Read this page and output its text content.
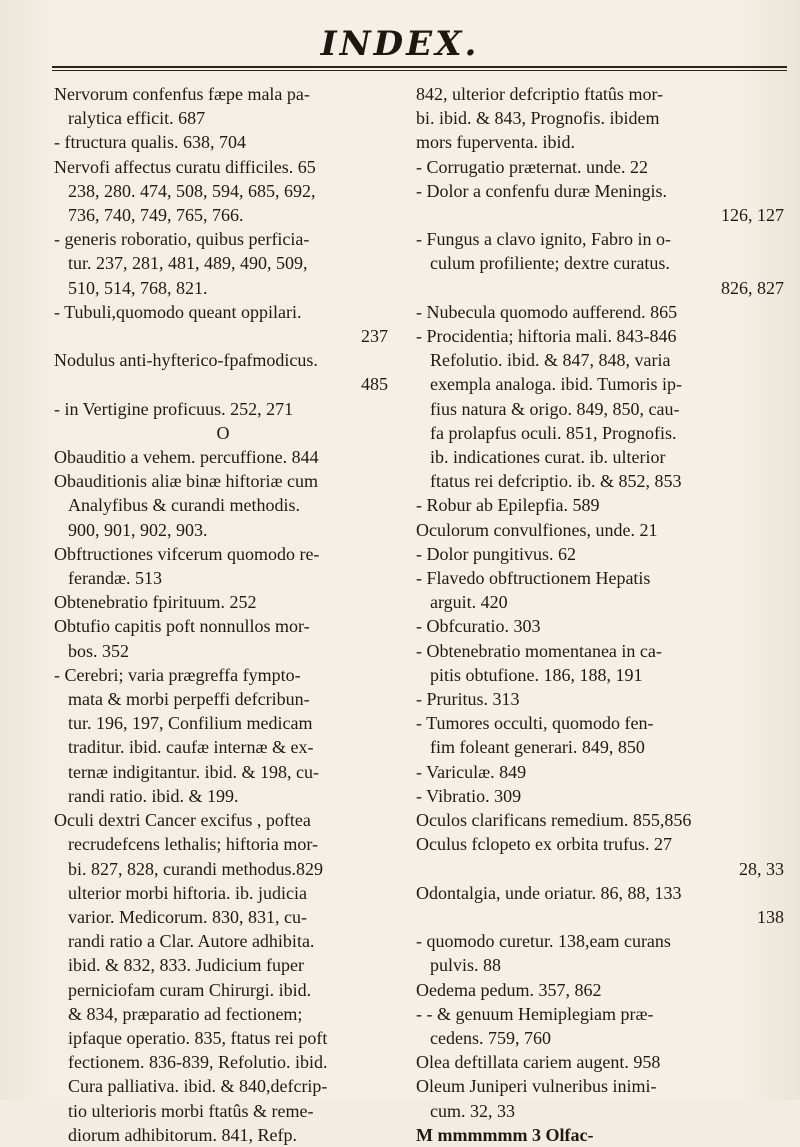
INDEX.
Nervorum confenfus fæpe mala pa-
ralytica efficit. 687
- ftructura qualis. 638, 704
Nervofi affectus curatu difficiles. 65
238, 280. 474, 508, 594, 685, 692,
736, 740, 749, 765, 766.
- generis roboratio, quibus perficia-
tur. 237, 281, 481, 489, 490, 509,
510, 514, 768, 821.
- Tubuli,quomodo queant oppilari.
237
Nodulus anti-hyfterico-fpafmodicus.
485
- in Vertigine proficuus. 252, 271
O
Obauditio a vehem. percuffione. 844
Obauditionis aliæ binæ hiftoriæ cum
Analyfibus & curandi methodis.
900, 901, 902, 903.
Obftructiones vifcerum quomodo re-
ferandæ. 513
Obtenebratio fpirituum. 252
Obtufio capitis poft nonnullos mor-
bos. 352
- Cerebri; varia prægreffa fympto-
mata & morbi perpeffi defcribun-
tur. 196, 197, Confilium medicam
traditur. ibid. caufæ internæ & ex-
ternæ indigitantur. ibid. & 198, cu-
randi ratio. ibid. & 199.
Oculi dextri Cancer excifus , poftea
recrudefcens lethalis; hiftoria mor-
bi. 827, 828, curandi methodus.829
ulterior morbi hiftoria. ib. judicia
varior. Medicorum. 830, 831, cu-
randi ratio a Clar. Autore adhibita.
ibid. & 832, 833. Judicium fuper
perniciofam curam Chirurgi. ibid.
& 834, præparatio ad fectionem;
ipfaque operatio. 835, ftatus rei poft
fectionem. 836-839, Refolutio. ibid.
Cura palliativa. ibid. & 840,defcrip-
tio ulterioris morbi ftatûs & reme-
diorum adhibitorum. 841, Refp.
842, ulterior defcriptio ftatûs mor-
bi. ibid. & 843, Prognofis. ibidem
mors fuperventa. ibid.
- Corrugatio præternat. unde. 22
- Dolor a confenfu duræ Meningis.
126, 127
- Fungus a clavo ignito, Fabro in o-
culum profiliente; dextre curatus.
826, 827
- Nubecula quomodo aufferend. 865
- Procidentia; hiftoria mali. 843-846
Refolutio. ibid. & 847, 848, varia
exempla analoga. ibid. Tumoris ip-
fius natura & origo. 849, 850, cau-
fa prolapfus oculi. 851, Prognofis.
ib. indicationes curat. ib. ulterior
ftatus rei defcriptio. ib. & 852, 853
- Robur ab Epilepfia. 589
Oculorum convulfiones, unde. 21
- Dolor pungitivus. 62
- Flavedo obftructionem Hepatis
arguit. 420
- Obfcuratio. 303
- Obtenebratio momentanea in ca-
pitis obtufione. 186, 188, 191
- Pruritus. 313
- Tumores occulti, quomodo fen-
fim foleant generari. 849, 850
- Variculæ. 849
- Vibratio. 309
Oculos clarificans remedium. 855,856
Oculus fclopeto ex orbita trufus. 27
28, 33
Odontalgia, unde oriatur. 86, 88, 133
138
- quomodo curetur. 138,eam curans
pulvis. 88
Oedema pedum. 357, 862
- - & genuum Hemiplegiam præ-
cedens. 759, 760
Olea deftillata cariem augent. 958
Oleum Juniperi vulneribus inimi-
cum. 32, 33
M mmmmmm 3 Olfac-
